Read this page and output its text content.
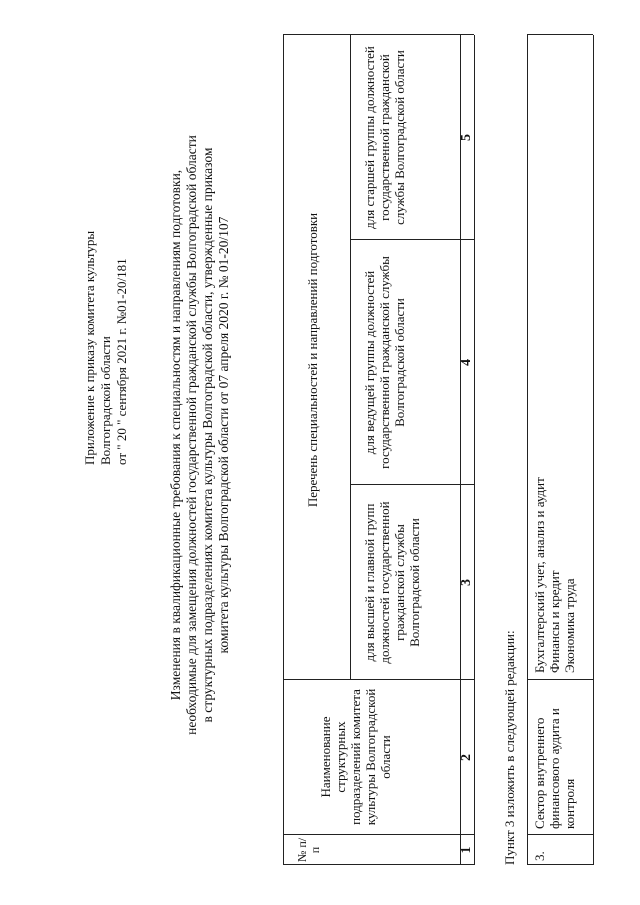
Приложение к приказу комитета культуры Волгоградской области от " 20 " сентября 2021 г. №01-20/181	Изменения в квалификационные требования к специальностям и направлениям подготовки, необходимые для замещения должностей государственной гражданской службы Волгоградской области в структурных подразделениях комитета культуры Волгоградской области, утвержденные приказом комитета культуры Волгоградской области от 07 апреля 2020 г. № 01-20/107
№ п/п
Наименование структурных подразделений комитета культуры Волгоградской области
Перечень специальностей и направлений подготовки
для высшей и главной групп должностей государственной гражданской службы Волгоградской области
для ведущей группы должностей государственной гражданской службы Волгоградской области
для старшей группы должностей государственной гражданской службы Волгоградской области
1
2
3
4
5
Пункт 3 изложить в следующей редакции: 3.
Сектор внутреннего финансового аудита и контроля
Бухгалтерский учет, анализ и аудит Финансы и кредит Экономика труда
